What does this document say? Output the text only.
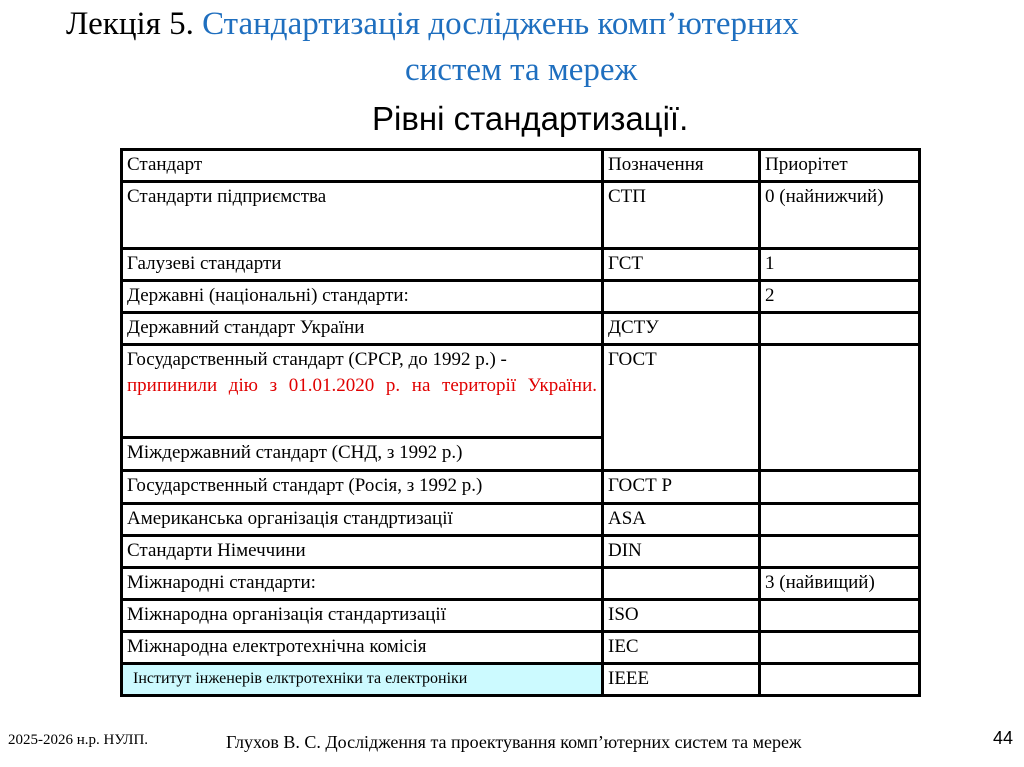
Лекція 5. Стандартизація досліджень комп’ютерних
систем та мереж
Рівні стандартизації.
Стандарт	Позначення	Приорітет
Стандарти підприємства	СТП	0 (найнижчий)
Галузеві стандарти	ГСТ	1
Державні (національні) стандарти:		2
Державний стандарт України	ДСТУ	

Государственный стандарт (СРСР, до 1992 р.) -
припинили дію з 01.01.2020 р. на території України.	ГОСТ	
Міждержавний стандарт (СНД, з 1992 р.)		
Государственный стандарт (Росія, з 1992 р.)	ГОСТ Р	
Американська організація стандртизації	ASA	
Стандарти Німеччини	DIN	
Міжнародні стандарти:		3 (найвищий)
Міжнародна організація стандартизації	ISO	
Міжнародна електротехнічна комісія	IEC	
Інститут інженерів елктротехніки та електроніки	IEEE	
2025-2026 н.р. НУЛП.	Глухов В. С. Дослідження та проектування комп’ютерних систем та мереж	44
